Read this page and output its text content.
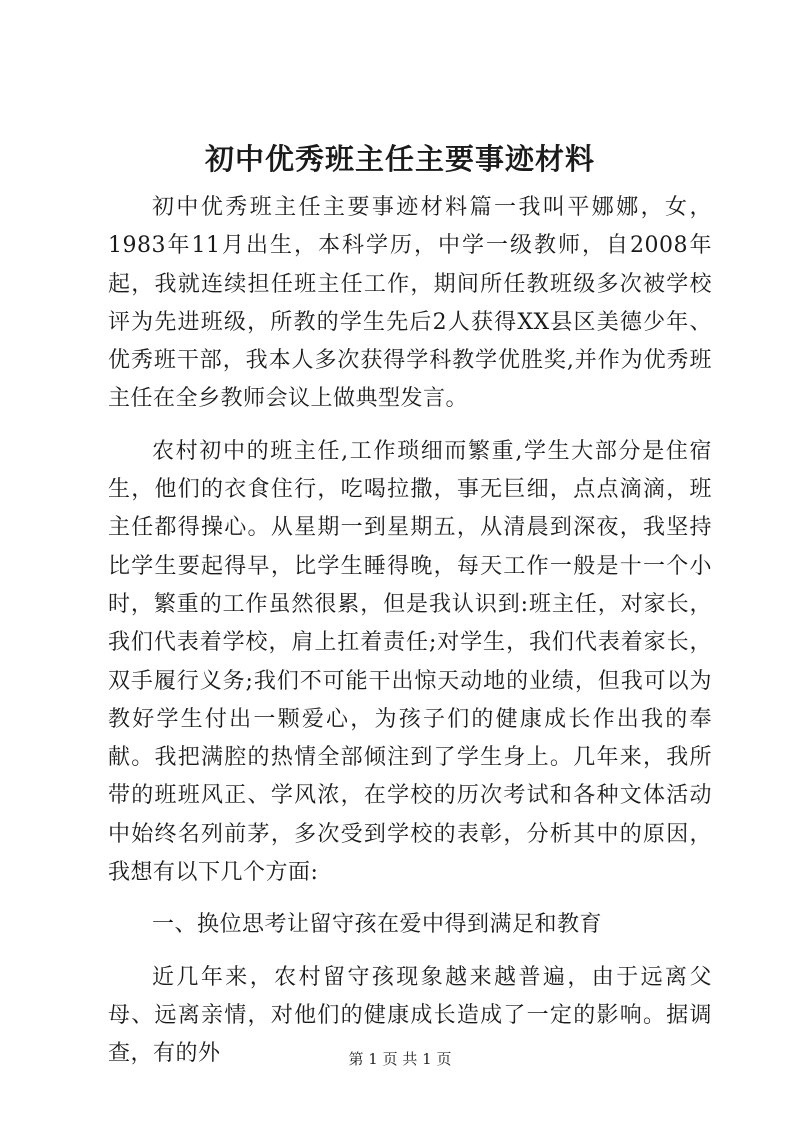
初中优秀班主任主要事迹材料

初中优秀班主任主要事迹材料篇一我叫平娜娜，女，1983年11月出生，本科学历，中学一级教师，自2008年起，我就连续担任班主任工作，期间所任教班级多次被学校评为先进班级，所教的学生先后2人获得XX县区美德少年、优秀班干部，我本人多次获得学科教学优胜奖,并作为优秀班主任在全乡教师会议上做典型发言。

农村初中的班主任,工作琐细而繁重,学生大部分是住宿生，他们的衣食住行，吃喝拉撒，事无巨细，点点滴滴，班主任都得操心。从星期一到星期五，从清晨到深夜，我坚持比学生要起得早，比学生睡得晚，每天工作一般是十一个小时，繁重的工作虽然很累，但是我认识到:班主任，对家长，我们代表着学校，肩上扛着责任;对学生，我们代表着家长，双手履行义务;我们不可能干出惊天动地的业绩，但我可以为教好学生付出一颗爱心，为孩子们的健康成长作出我的奉献。我把满腔的热情全部倾注到了学生身上。几年来，我所带的班班风正、学风浓，在学校的历次考试和各种文体活动中始终名列前茅，多次受到学校的表彰，分析其中的原因，我想有以下几个方面:

一、换位思考让留守孩在爱中得到满足和教育

近几年来，农村留守孩现象越来越普遍，由于远离父母、远离亲情，对他们的健康成长造成了一定的影响。据调查，有的外	第 1 页 共 1 页
